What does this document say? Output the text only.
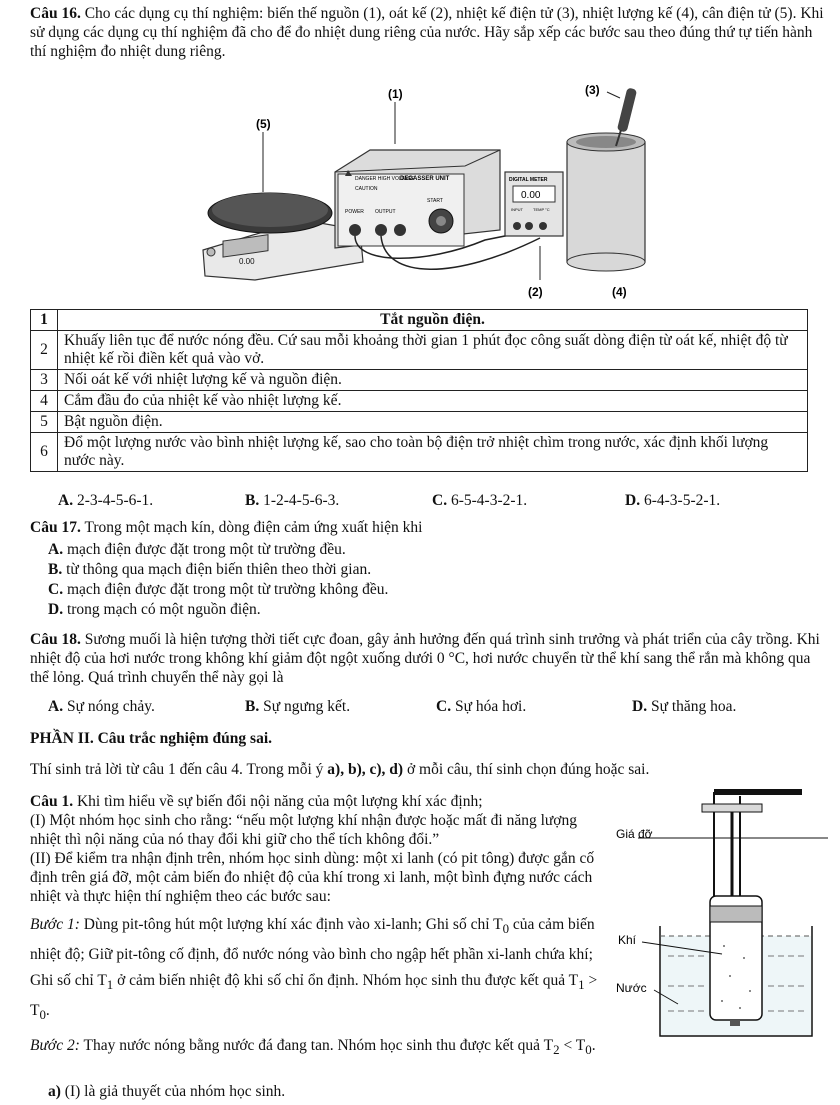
Câu 16. Cho các dụng cụ thí nghiệm: biến thế nguồn (1), oát kế (2), nhiệt kế điện tử (3), nhiệt lượng kế (4), cân điện tử (5). Khi sử dụng các dụng cụ thí nghiệm đã cho để đo nhiệt dung riêng của nước. Hãy sắp xếp các bước sau theo đúng thứ tự tiến hành thí nghiệm đo nhiệt dung riêng.
0.00
(5)
DANGER HIGH VOLTAGE
CAUTION
DEGASSER UNIT
POWER OUTPUT
START
(1)
DIGITAL METER
0.00
INPUT	TEMP °C
(2)
(3)
(4)
1	Tắt nguồn điện.
2	Khuấy liên tục để nước nóng đều. Cứ sau mỗi khoảng thời gian 1 phút đọc công suất dòng điện từ oát kế, nhiệt độ từ nhiệt kế rồi điền kết quả vào vở.
3	Nối oát kế với nhiệt lượng kế và nguồn điện.
4	Cắm đầu đo của nhiệt kế vào nhiệt lượng kế.
5	Bật nguồn điện.
6	Đổ một lượng nước vào bình nhiệt lượng kế, sao cho toàn bộ điện trở nhiệt chìm trong nước, xác định khối lượng nước này.
A. 2-3-4-5-6-1.	B. 1-2-4-5-6-3.	C. 6-5-4-3-2-1.	D. 6-4-3-5-2-1.
Câu 17. Trong một mạch kín, dòng điện cảm ứng xuất hiện khi
A. mạch điện được đặt trong một từ trường đều.
B. từ thông qua mạch điện biến thiên theo thời gian.
C. mạch điện được đặt trong một từ trường không đều.
D. trong mạch có một nguồn điện.
Câu 18. Sương muối là hiện tượng thời tiết cực đoan, gây ảnh hưởng đến quá trình sinh trưởng và phát triển của cây trồng. Khi nhiệt độ của hơi nước trong không khí giảm đột ngột xuống dưới 0 °C, hơi nước chuyển từ thể khí sang thể rắn mà không qua thể lỏng. Quá trình chuyển thể này gọi là
A. Sự nóng chảy.	B. Sự ngưng kết.	C. Sự hóa hơi.	D. Sự thăng hoa.
PHẦN II. Câu trắc nghiệm đúng sai.
Thí sinh trả lời từ câu 1 đến câu 4. Trong mỗi ý a), b), c), d) ở mỗi câu, thí sinh chọn đúng hoặc sai.
Câu 1. Khi tìm hiểu về sự biến đổi nội năng của một lượng khí xác định;
(I) Một nhóm học sinh cho rằng: “nếu một lượng khí nhận được hoặc mất đi năng lượng nhiệt thì nội năng của nó thay đổi khi giữ cho thể tích không đổi.”
(II) Để kiểm tra nhận định trên, nhóm học sinh dùng: một xi lanh (có pit tông) được gắn cố định trên giá đỡ, một cảm biến đo nhiệt độ của khí trong xi lanh, một bình đựng nước cách nhiệt và thực hiện thí nghiệm theo các bước sau:
Bước 1: Dùng pit-tông hút một lượng khí xác định vào xi-lanh; Ghi số chỉ $T_0$ của cảm biến nhiệt độ; Giữ pit-tông cố định, đổ nước nóng vào bình cho ngập hết phần xi-lanh chứa khí; Ghi số chỉ $T_1$ ở cảm biến nhiệt độ khi số chỉ ổn định. Nhóm học sinh thu được kết quả $T_1 > T_0$.
Bước 2: Thay nước nóng bằng nước đá đang tan. Nhóm học sinh thu được kết quả $T_2 < T_0$.
a) (I) là giả thuyết của nhóm học sinh.
Giá đỡ
Khí
Nước
